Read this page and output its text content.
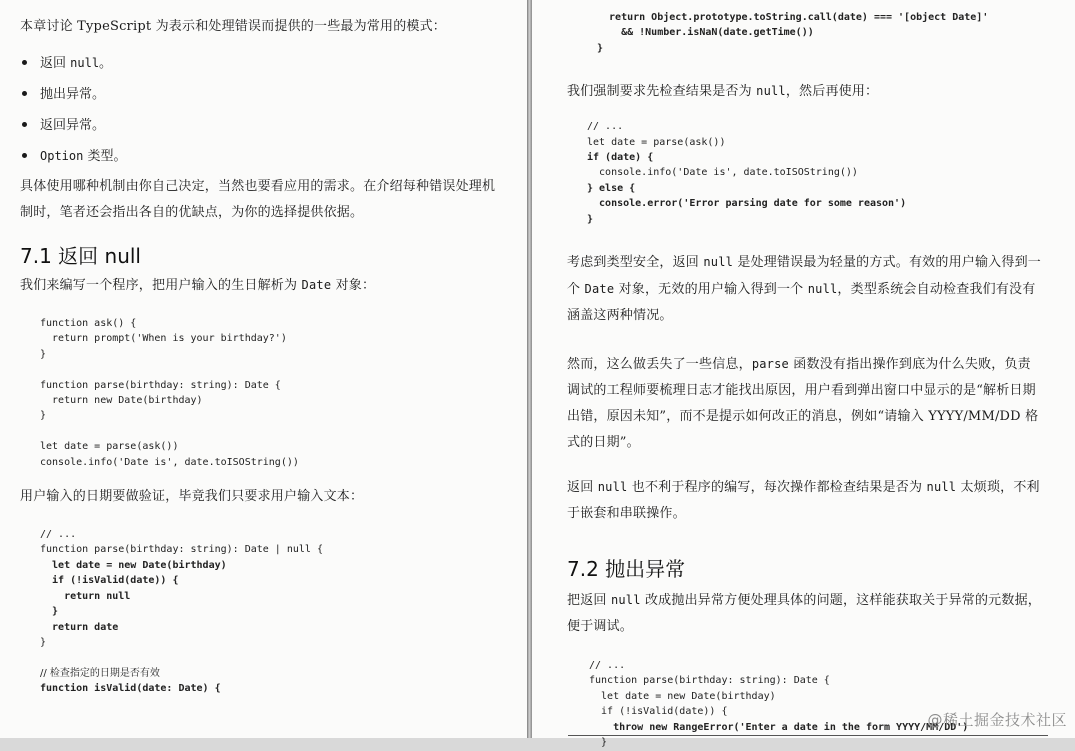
本章讨论 TypeScript 为表示和处理错误而提供的一些最为常用的模式：

返回 null。
抛出异常。
返回异常。
Option 类型。

具体使用哪种机制由你自己决定，当然也要看应用的需求。在介绍每种错误处理机制时，笔者还会指出各自的优缺点，为你的选择提供依据。

7.1 返回 null

我们来编写一个程序，把用户输入的生日解析为 Date 对象：

function ask() {
return prompt('When is your birthday?')
}

function parse(birthday: string): Date {
return new Date(birthday)
}

let date = parse(ask())
console.info('Date is', date.toISOString())

用户输入的日期要做验证，毕竟我们只要求用户输入文本：

// ...
function parse(birthday: string): Date | null {
let date = new Date(birthday)
if (!isValid(date)) {
return null
}
return date
}

// 检查指定的日期是否有效
function isValid(date: Date) {
return Object.prototype.toString.call(date) === '[object Date]'
&& !Number.isNaN(date.getTime())
}

我们强制要求先检查结果是否为 null，然后再使用：

// ...
let date = parse(ask())
if (date) {
console.info('Date is', date.toISOString())
} else {
console.error('Error parsing date for some reason')
}

考虑到类型安全，返回 null 是处理错误最为轻量的方式。有效的用户输入得到一个 Date 对象，无效的用户输入得到一个 null，类型系统会自动检查我们有没有涵盖这两种情况。

然而，这么做丢失了一些信息，parse 函数没有指出操作到底为什么失败，负责调试的工程师要梳理日志才能找出原因，用户看到弹出窗口中显示的是“解析日期出错，原因未知”，而不是提示如何改正的消息，例如“请输入 YYYY/MM/DD 格式的日期”。

返回 null 也不利于程序的编写，每次操作都检查结果是否为 null 太烦琐，不利于嵌套和串联操作。

7.2 抛出异常

把返回 null 改成抛出异常方便处理具体的问题，这样能获取关于异常的元数据，便于调试。

// ...
function parse(birthday: string): Date {
let date = new Date(birthday)
if (!isValid(date)) {
throw new RangeError('Enter a date in the form YYYY/MM/DD')
}
@稀土掘金技术社区
